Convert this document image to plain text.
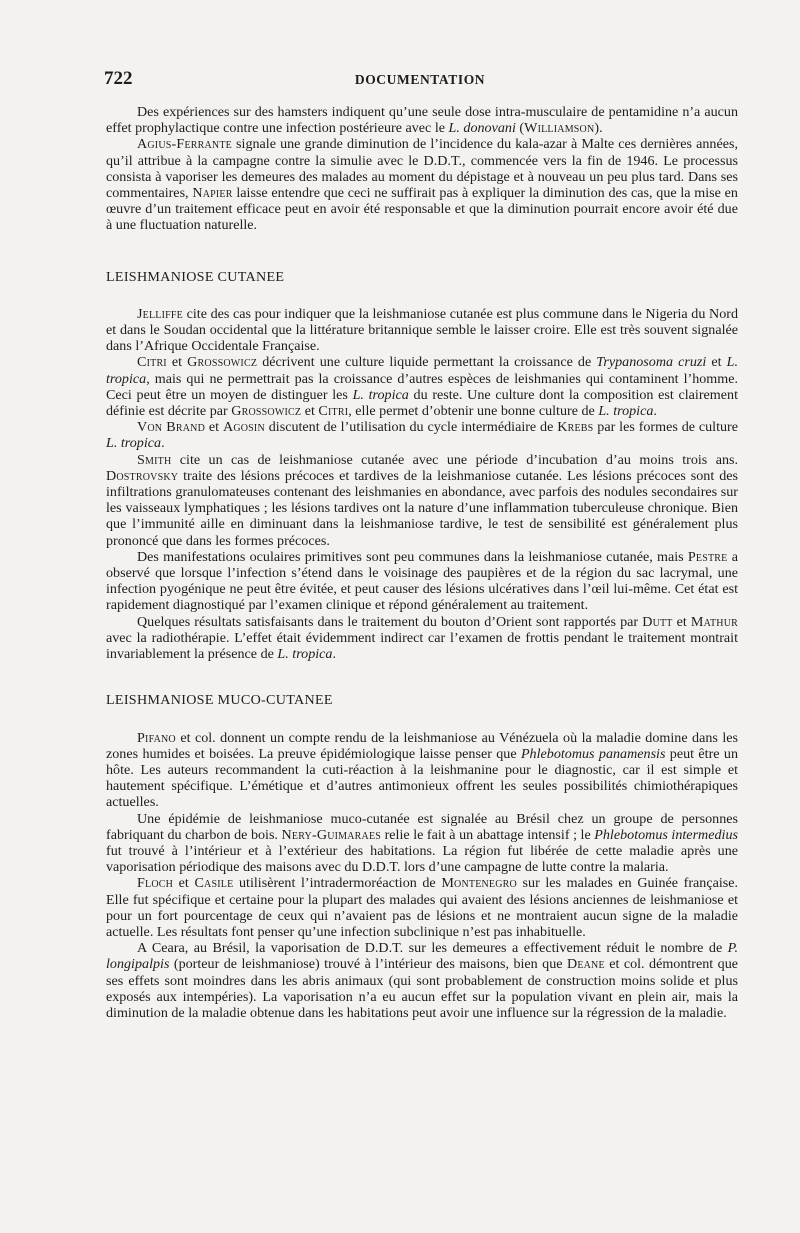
722	DOCUMENTATION

Des expériences sur des hamsters indiquent qu’une seule dose intra-musculaire de pentamidine n’a aucun effet prophylactique contre une infection postérieure avec le L. donovani (Williamson).

Agius-Ferrante signale une grande diminution de l’incidence du kala-azar à Malte ces dernières années, qu’il attribue à la campagne contre la simulie avec le D.D.T., commencée vers la fin de 1946. Le processus consista à vaporiser les demeures des malades au moment du dépistage et à nouveau un peu plus tard. Dans ses commentaires, Napier laisse entendre que ceci ne suffirait pas à expliquer la diminution des cas, que la mise en œuvre d’un traitement efficace peut en avoir été responsable et que la diminution pourrait encore avoir été due à une fluctuation naturelle.

LEISHMANIOSE CUTANEE

Jelliffe cite des cas pour indiquer que la leishmaniose cutanée est plus commune dans le Nigeria du Nord et dans le Soudan occidental que la littérature britannique semble le laisser croire. Elle est très souvent signalée dans l’Afrique Occidentale Française.

Citri et Grossowicz décrivent une culture liquide permettant la croissance de Trypanosoma cruzi et L. tropica, mais qui ne permettrait pas la croissance d’autres espèces de leishmanies qui contaminent l’homme. Ceci peut être un moyen de distinguer les L. tropica du reste. Une culture dont la composition est clairement définie est décrite par Grossowicz et Citri, elle permet d’obtenir une bonne culture de L. tropica.

Von Brand et Agosin discutent de l’utilisation du cycle intermédiaire de Krebs par les formes de culture L. tropica.

Smith cite un cas de leishmaniose cutanée avec une période d’incubation d’au moins trois ans. Dostrovsky traite des lésions précoces et tardives de la leishmaniose cutanée. Les lésions précoces sont des infiltrations granulomateuses contenant des leishmanies en abondance, avec parfois des nodules secondaires sur les vaisseaux lymphatiques ; les lésions tardives ont la nature d’une inflammation tuberculeuse chronique. Bien que l’immunité aille en diminuant dans la leishmaniose tardive, le test de sensibilité est généralement plus prononcé que dans les formes précoces.

Des manifestations oculaires primitives sont peu communes dans la leishmaniose cutanée, mais Pestre a observé que lorsque l’infection s’étend dans le voisinage des paupières et de la région du sac lacrymal, une infection pyogénique ne peut être évitée, et peut causer des lésions ulcératives dans l’œil lui-même. Cet état est rapidement diagnostiqué par l’examen clinique et répond généralement au traitement.

Quelques résultats satisfaisants dans le traitement du bouton d’Orient sont rapportés par Dutt et Mathur avec la radiothérapie. L’effet était évidemment indirect car l’examen de frottis pendant le traitement montrait invariablement la présence de L. tropica.

LEISHMANIOSE MUCO-CUTANEE

Pifano et col. donnent un compte rendu de la leishmaniose au Vénézuela où la maladie domine dans les zones humides et boisées. La preuve épidémiologique laisse penser que Phlebotomus panamensis peut être un hôte. Les auteurs recommandent la cuti-réaction à la leishmanine pour le diagnostic, car il est simple et hautement spécifique. L’émétique et d’autres antimonieux offrent les seules possibilités chimiothérapiques actuelles.

Une épidémie de leishmaniose muco-cutanée est signalée au Brésil chez un groupe de personnes fabriquant du charbon de bois. Nery-Guimaraes relie le fait à un abattage intensif ; le Phlebotomus intermedius fut trouvé à l’intérieur et à l’extérieur des habitations. La région fut libérée de cette maladie après une vaporisation périodique des maisons avec du D.D.T. lors d’une campagne de lutte contre la malaria.

Floch et Casile utilisèrent l’intradermoréaction de Montenegro sur les malades en Guinée française. Elle fut spécifique et certaine pour la plupart des malades qui avaient des lésions anciennes de leishmaniose et pour un fort pourcentage de ceux qui n’avaient pas de lésions et ne montraient aucun signe de la maladie actuelle. Les résultats font penser qu’une infection subclinique n’est pas inhabituelle.

A Ceara, au Brésil, la vaporisation de D.D.T. sur les demeures a effectivement réduit le nombre de P. longipalpis (porteur de leishmaniose) trouvé à l’intérieur des maisons, bien que Deane et col. démontrent que ses effets sont moindres dans les abris animaux (qui sont probablement de construction moins solide et plus exposés aux intempéries). La vaporisation n’a eu aucun effet sur la population vivant en plein air, mais la diminution de la maladie obtenue dans les habitations peut avoir une influence sur la régression de la maladie.
